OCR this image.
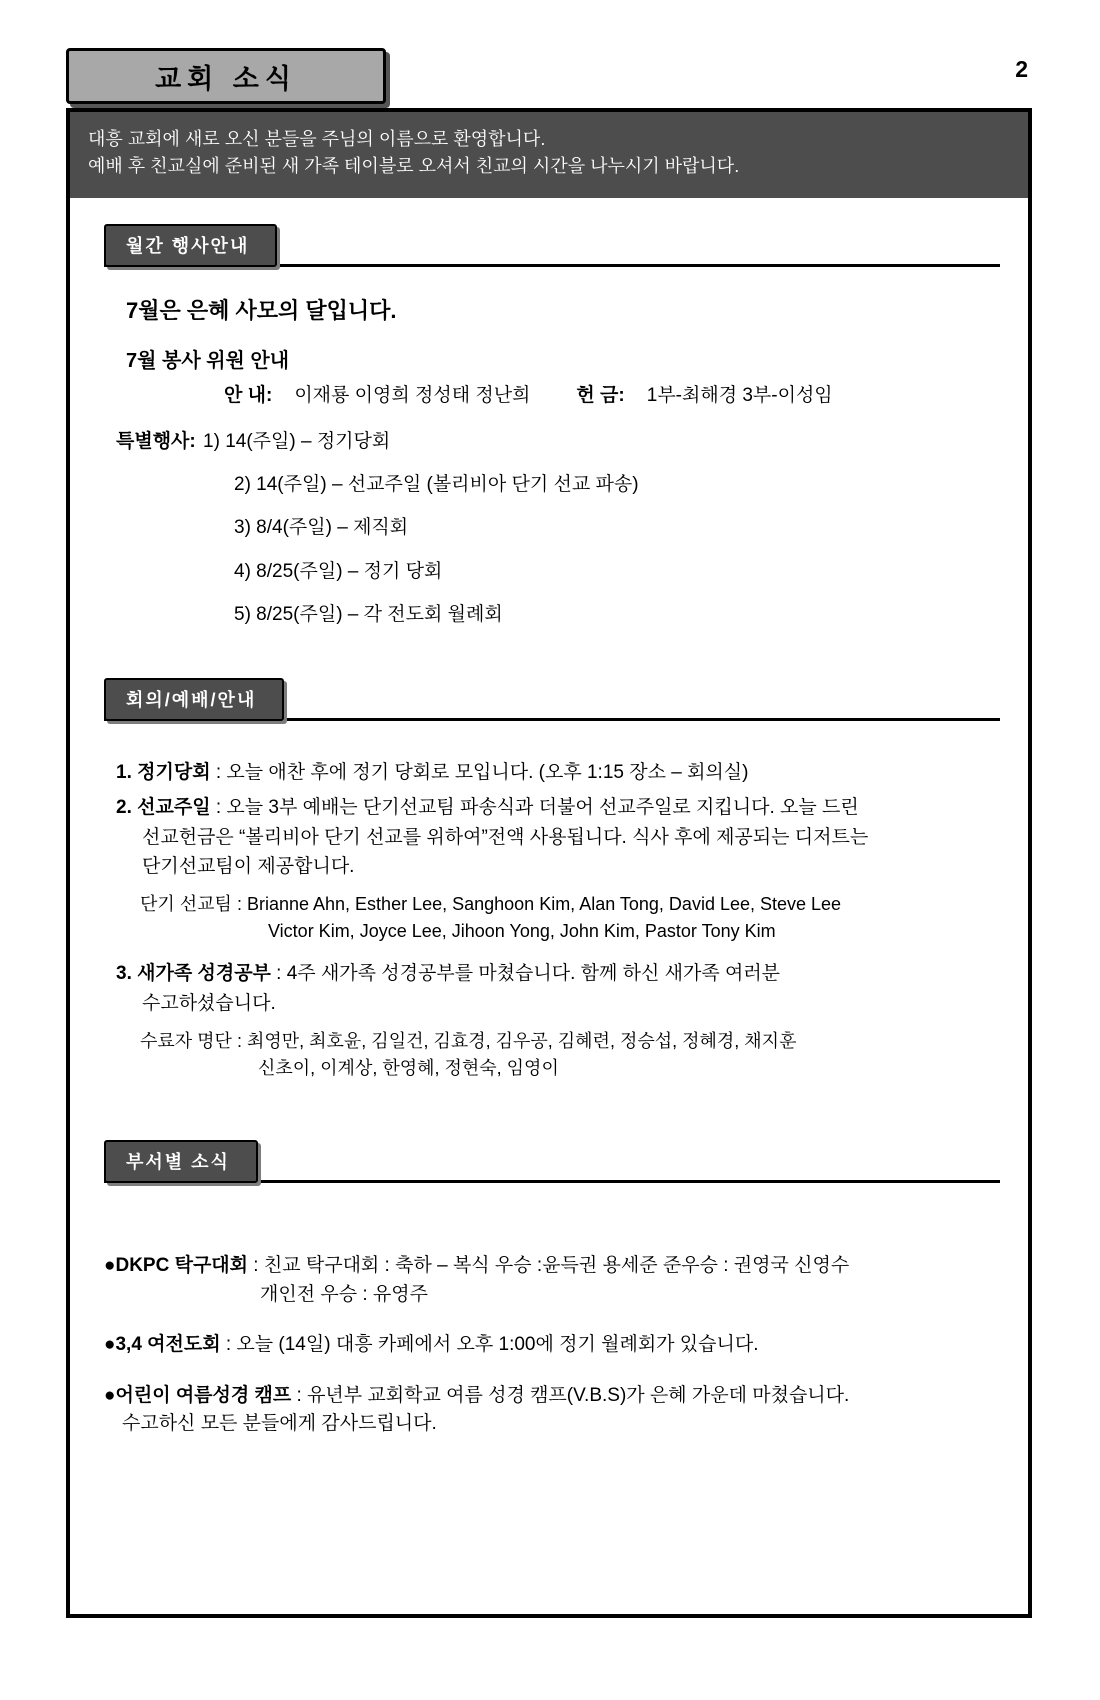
교회 소식	2
대흥 교회에 새로 오신 분들을 주님의 이름으로 환영합니다.
예배 후 친교실에 준비된 새 가족 테이블로 오셔서 친교의 시간을 나누시기 바랍니다.
월간 행사안내
7월은 은혜 사모의 달입니다.
7월 봉사 위원 안내
안 내: 이재룡 이영희 정성태 정난희 헌 금: 1부-최해경 3부-이성임
특별행사: 1) 14(주일) – 정기당회
2) 14(주일) – 선교주일 (볼리비아 단기 선교 파송)
3) 8/4(주일) – 제직회
4) 8/25(주일) – 정기 당회
5) 8/25(주일) – 각 전도회 월례회
회의/예배/안내
1. 정기당회 : 오늘 애찬 후에 정기 당회로 모입니다. (오후 1:15 장소 – 회의실)
2. 선교주일 : 오늘 3부 예배는 단기선교팀 파송식과 더불어 선교주일로 지킵니다. 오늘 드린
선교헌금은 “볼리비아 단기 선교를 위하여”전액 사용됩니다. 식사 후에 제공되는 디저트는
단기선교팀이 제공합니다.
단기 선교팀 : Brianne Ahn, Esther Lee, Sanghoon Kim, Alan Tong, David Lee, Steve Lee
Victor Kim, Joyce Lee, Jihoon Yong, John Kim, Pastor Tony Kim
3. 새가족 성경공부 : 4주 새가족 성경공부를 마쳤습니다. 함께 하신 새가족 여러분
수고하셨습니다.
수료자 명단 : 최영만, 최호윤, 김일건, 김효경, 김우공, 김혜련, 정승섭, 정혜경, 채지훈
신초이, 이계상, 한영혜, 정현숙, 임영이
부서별 소식
●DKPC 탁구대회 : 친교 탁구대회 : 축하 – 복식 우승 :윤득권 용세준 준우승 : 권영국 신영수
개인전 우승 : 유영주
●3,4 여전도회 : 오늘 (14일) 대흥 카페에서 오후 1:00에 정기 월례회가 있습니다.
●어린이 여름성경 캠프 : 유년부 교회학교 여름 성경 캠프(V.B.S)가 은혜 가운데 마쳤습니다.
수고하신 모든 분들에게 감사드립니다.
